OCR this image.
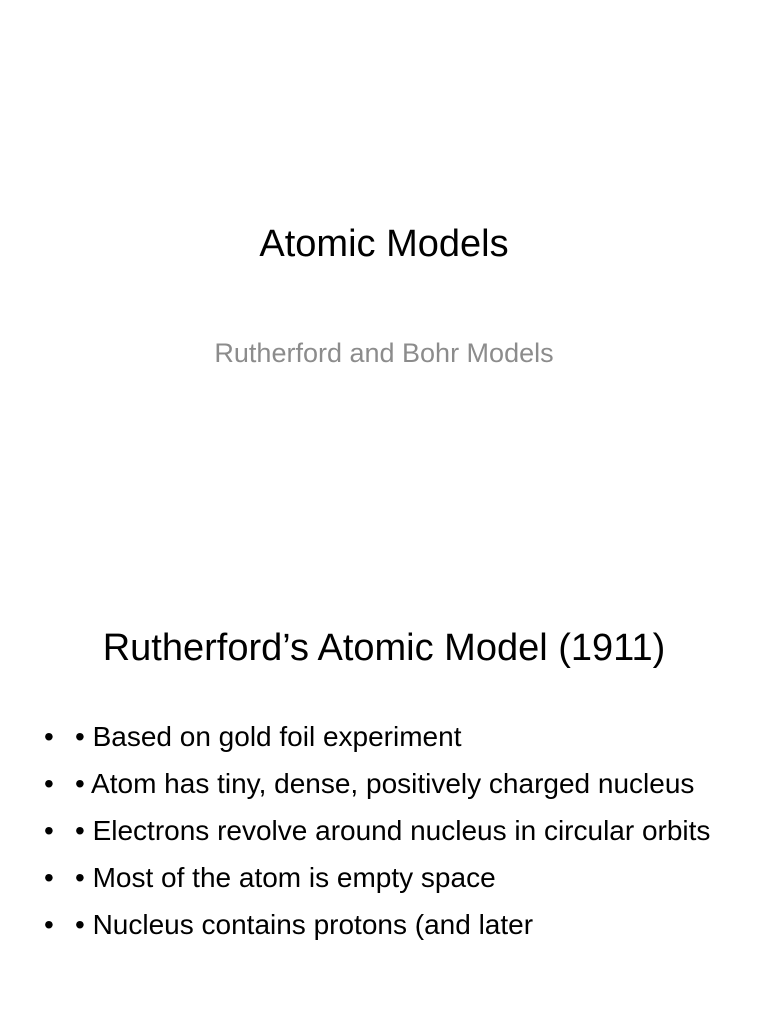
Atomic Models
Rutherford and Bohr Models
Rutherford’s Atomic Model (1911)
• • Based on gold foil experiment
• • Atom has tiny, dense, positively charged nucleus
• • Electrons revolve around nucleus in circular orbits
• • Most of the atom is empty space
• • Nucleus contains protons (and later
